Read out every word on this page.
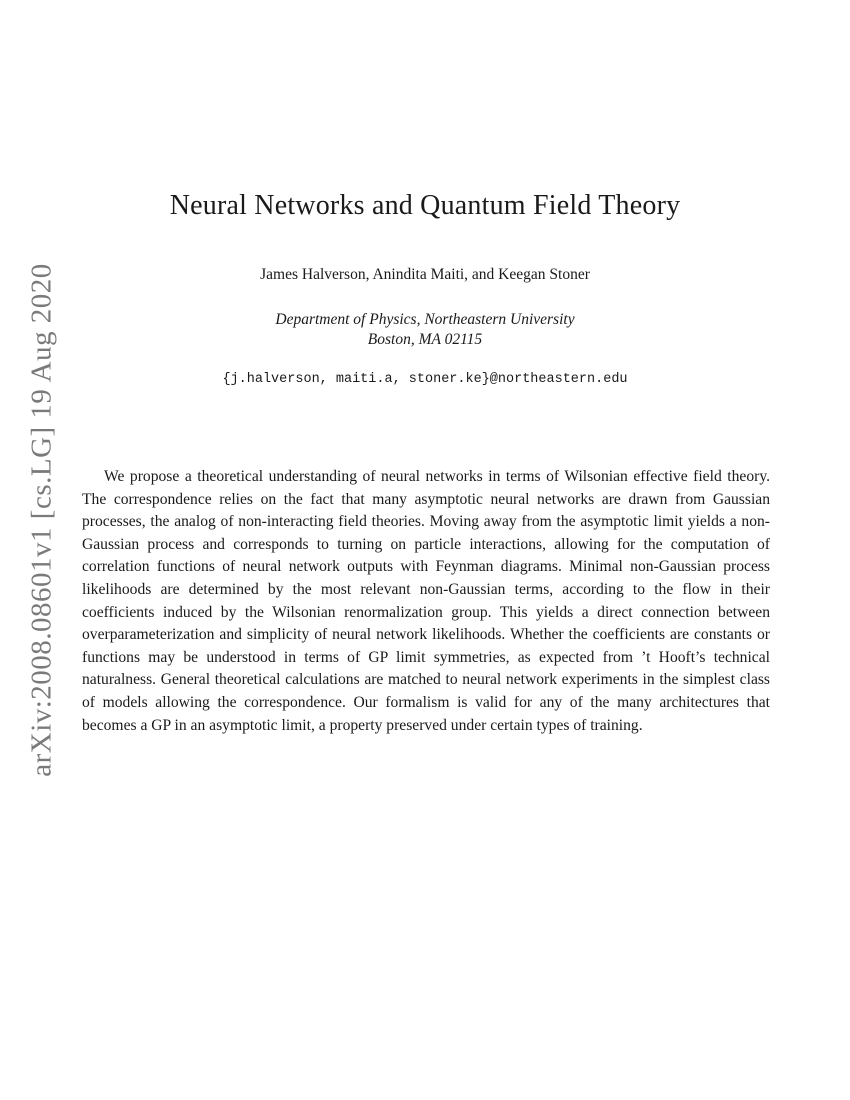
arXiv:2008.08601v1 [cs.LG] 19 Aug 2020
Neural Networks and Quantum Field Theory
James Halverson, Anindita Maiti, and Keegan Stoner
Department of Physics, Northeastern University
Boston, MA 02115
{j.halverson, maiti.a, stoner.ke}@northeastern.edu

We propose a theoretical understanding of neural networks in terms of Wilsonian effective field theory. The correspondence relies on the fact that many asymptotic neural networks are drawn from Gaussian processes, the analog of non-interacting field theories. Moving away from the asymptotic limit yields a non-Gaussian process and corresponds to turning on particle interactions, allowing for the computation of correlation functions of neural network outputs with Feynman diagrams. Minimal non-Gaussian process likelihoods are determined by the most relevant non-Gaussian terms, according to the flow in their coefficients induced by the Wilsonian renormalization group. This yields a direct connection between overparameterization and simplicity of neural network likelihoods. Whether the coefficients are constants or functions may be understood in terms of GP limit symmetries, as expected from ’t Hooft’s technical naturalness. General theoretical calculations are matched to neural network experiments in the simplest class of models allowing the correspondence. Our formalism is valid for any of the many architectures that becomes a GP in an asymptotic limit, a property preserved under certain types of training.
